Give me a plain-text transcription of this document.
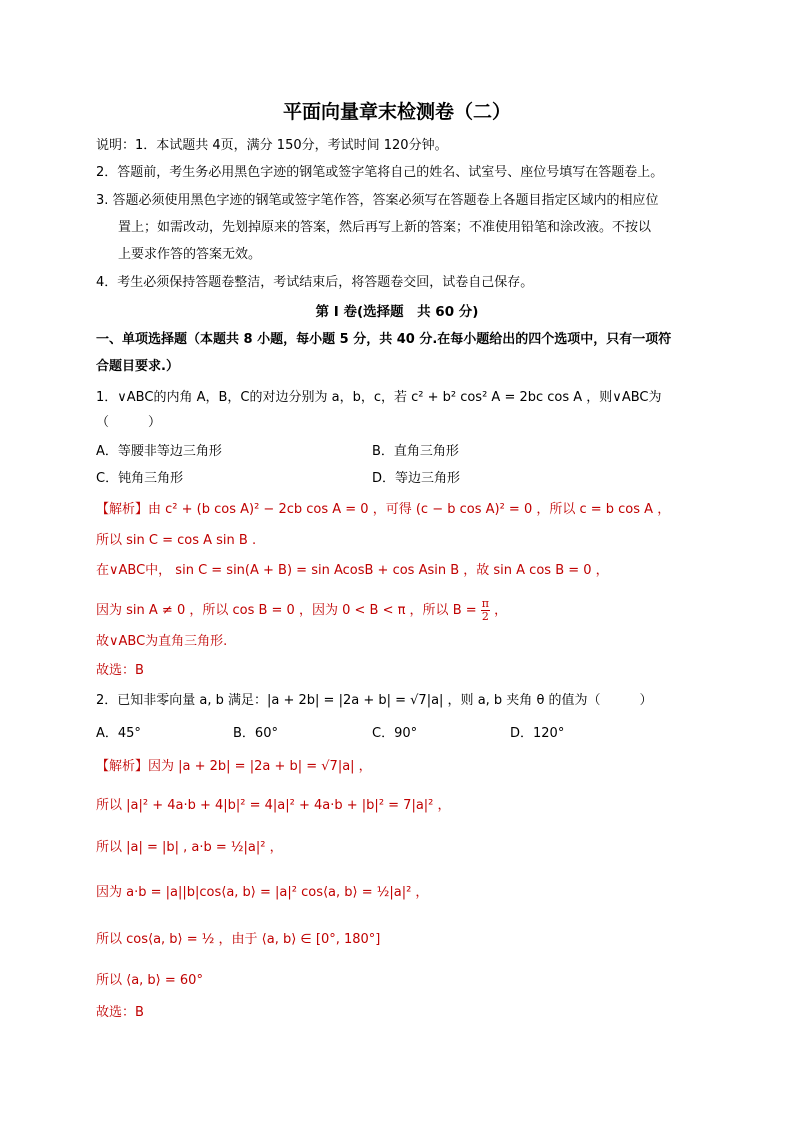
平面向量章末检测卷（二）
说明：1．本试题共 4页，满分 150分，考试时间 120分钟。
2．答题前，考生务必用黑色字迹的钢笔或签字笔将自己的姓名、试室号、座位号填写在答题卷上。
3. 答题必须使用黑色字迹的钢笔或签字笔作答，答案必须写在答题卷上各题目指定区域内的相应位
置上；如需改动，先划掉原来的答案，然后再写上新的答案；不准使用铅笔和涂改液。不按以
上要求作答的答案无效。
4．考生必须保持答题卷整洁，考试结束后，将答题卷交回，试卷自己保存。
第 I 卷(选择题　共 60 分)
一、单项选择题（本题共 8 小题，每小题 5 分，共 40 分.在每小题给出的四个选项中，只有一项符
合题目要求.）
1．∨ABC的内角 A，B，C的对边分别为 a，b，c，若 c² + b² cos² A = 2bc cos A ，则∨ABC为
（　　　）
A．等腰非等边三角形	B．直角三角形
C．钝角三角形	D．等边三角形
【解析】由 c² + (b cos A)² − 2cb cos A = 0 ，可得 (c − b cos A)² = 0 ，所以 c = b cos A ，
所以 sin C = cos A sin B .
在∨ABC中， sin C = sin(A + B) = sin AcosB + cos Asin B ，故 sin A cos B = 0 ，
因为 sin A ≠ 0 ，所以 cos B = 0 ，因为 0 < B < π ，所以 $B = \frac{\pi}{2}$ ，
故∨ABC为直角三角形.
故选：B
2．已知非零向量 a, b 满足：|a + 2b| = |2a + b| = √7|a| ，则 a, b 夹角 θ 的值为（　　　）
A．45°	B．60°	C．90°	D．120°
【解析】因为 |a + 2b| = |2a + b| = √7|a| ，
所以 |a|² + 4a·b + 4|b|² = 4|a|² + 4a·b + |b|² = 7|a|² ，
所以 |a| = |b| , a·b = ½|a|² ，
因为 a·b = |a||b|cos⟨a, b⟩ = |a|² cos⟨a, b⟩ = ½|a|² ，
所以 cos⟨a, b⟩ = ½ ，由于 ⟨a, b⟩ ∈ [0°, 180°]
所以 ⟨a, b⟩ = 60°
故选：B
